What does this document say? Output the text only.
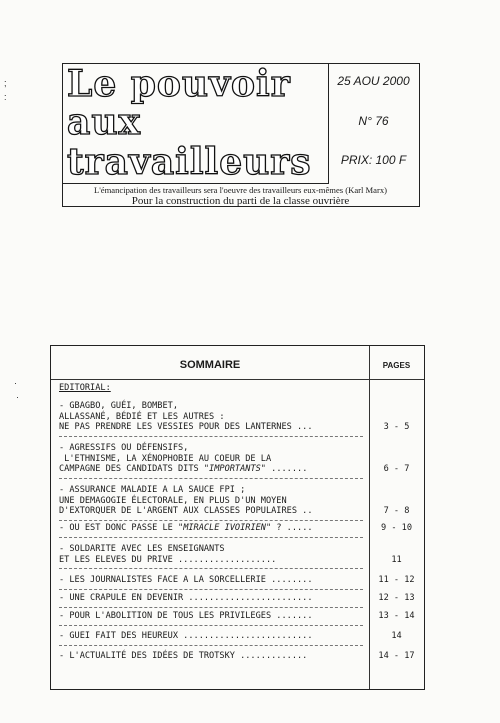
Le pouvoir
aux
travailleurs
25 AOU 2000
N° 76
PRIX: 100 F
L'émancipation des travailleurs sera l'oeuvre des travailleurs eux-mêmes (Karl Marx)
Pour la construction du parti de la classe ouvrière
;
:
·
·
SOMMAIRE	PAGES
EDITORIAL:
- GBAGBO, GUÉI, BOMBET,
ALLASSANÉ, BÉDIÉ ET LES AUTRES :
NE PAS PRENDRE LES VESSIES POUR DES LANTERNES ...	3 - 5
- AGRESSIFS OU DÉFENSIFS,
L'ETHNISME, LA XÉNOPHOBIE AU COEUR DE LA
CAMPAGNE DES CANDIDATS DITS "IMPORTANTS" .......	6 - 7
- ASSURANCE MALADIE A LA SAUCE FPI ;
UNE DEMAGOGIE ÉLECTORALE, EN PLUS D'UN MOYEN
D'EXTORQUER DE L'ARGENT AUX CLASSES POPULAIRES ..	7 - 8
- OU EST DONC PASSE LE "MIRACLE IVOIRIEN" ? .....	9 - 10
- SOLDARITE AVEC LES ENSEIGNANTS
ET LES ELEVES DU PRIVE ...................	11
- LES JOURNALISTES FACE A LA SORCELLERIE ........	11 - 12
- UNE CRAPULE EN DEVENIR ........................	12 - 13
- POUR L'ABOLITION DE TOUS LES PRIVILEGES .......	13 - 14
- GUEI FAIT DES HEUREUX .........................	14
- L'ACTUALITÉ DES IDÉES DE TROTSKY .............	14 - 17
